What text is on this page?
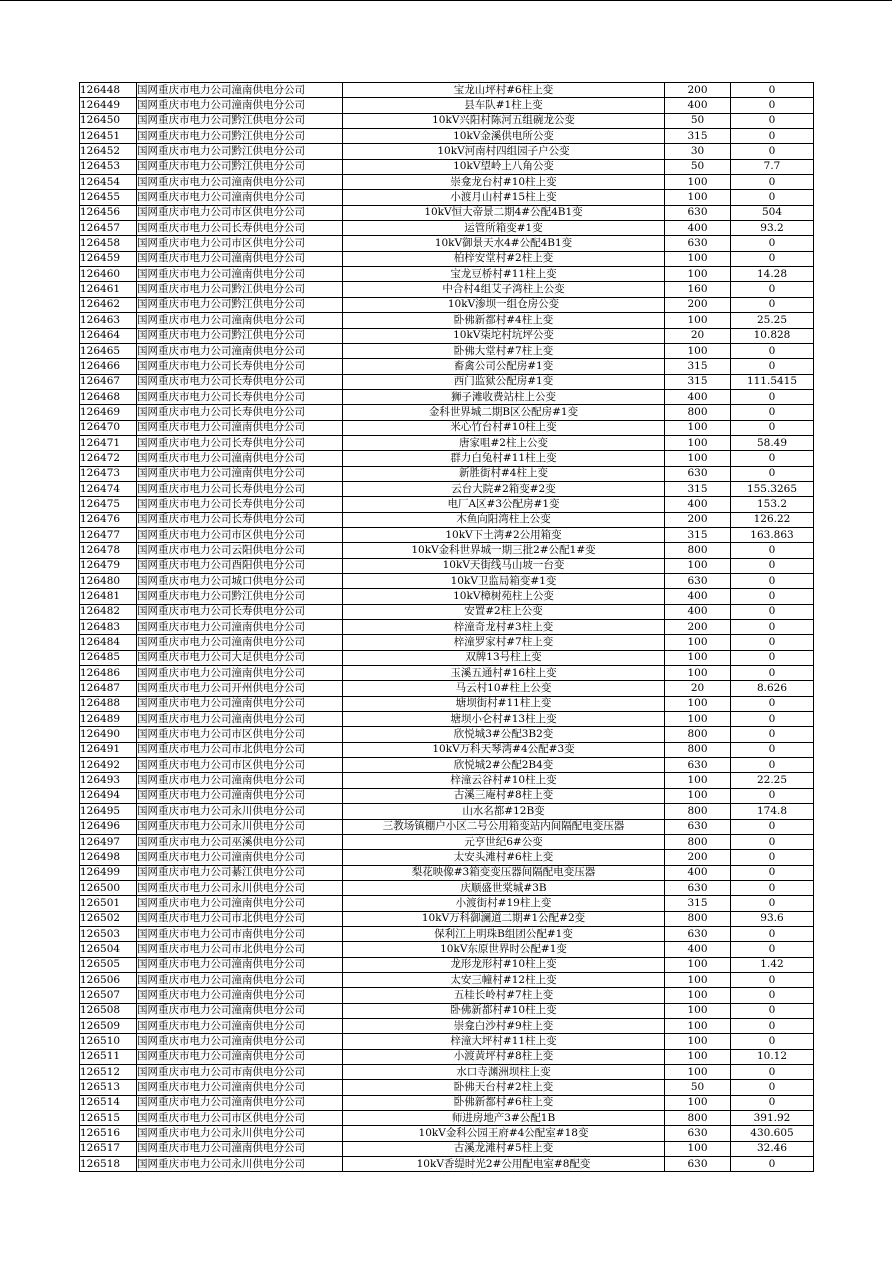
126448	国网重庆市电力公司潼南供电分公司	宝龙山坪村#6柱上变	200	0
126449	国网重庆市电力公司潼南供电分公司	县车队#1柱上变	400	0
126450	国网重庆市电力公司黔江供电分公司	10kV兴阳村陈河五组碗龙公变	50	0
126451	国网重庆市电力公司黔江供电分公司	10kV金溪供电所公变	315	0
126452	国网重庆市电力公司黔江供电分公司	10kV河南村四组园子户公变	30	0
126453	国网重庆市电力公司黔江供电分公司	10kV望岭上八角公变	50	7.7
126454	国网重庆市电力公司潼南供电分公司	崇龛龙台村#10柱上变	100	0
126455	国网重庆市电力公司潼南供电分公司	小渡月山村#15柱上变	100	0
126456	国网重庆市电力公司市区供电分公司	10kV恒大帝景二期4#公配4B1变	630	504
126457	国网重庆市电力公司长寿供电分公司	运管所箱变#1变	400	93.2
126458	国网重庆市电力公司市区供电分公司	10kV御景天水4#公配4B1变	630	0
126459	国网重庆市电力公司潼南供电分公司	柏梓安堂村#2柱上变	100	0
126460	国网重庆市电力公司潼南供电分公司	宝龙豆桥村#11柱上变	100	14.28
126461	国网重庆市电力公司黔江供电分公司	中合村4组艾子湾柱上公变	160	0
126462	国网重庆市电力公司黔江供电分公司	10kV渗坝一组仓房公变	200	0
126463	国网重庆市电力公司潼南供电分公司	卧佛新都村#4柱上变	100	25.25
126464	国网重庆市电力公司黔江供电分公司	10kV柒坨村坑坪公变	20	10.828
126465	国网重庆市电力公司潼南供电分公司	卧佛大堂村#7柱上变	100	0
126466	国网重庆市电力公司长寿供电分公司	畜禽公司公配房#1变	315	0
126467	国网重庆市电力公司长寿供电分公司	西门监狱公配房#1变	315	111.5415
126468	国网重庆市电力公司长寿供电分公司	狮子滩收费站柱上公变	400	0
126469	国网重庆市电力公司长寿供电分公司	金科世界城二期B区公配房#1变	800	0
126470	国网重庆市电力公司潼南供电分公司	米心竹台村#10柱上变	100	0
126471	国网重庆市电力公司长寿供电分公司	唐家咀#2柱上公变	100	58.49
126472	国网重庆市电力公司潼南供电分公司	群力白兔村#11柱上变	100	0
126473	国网重庆市电力公司潼南供电分公司	新胜街村#4柱上变	630	0
126474	国网重庆市电力公司长寿供电分公司	云台大院#2箱变#2变	315	155.3265
126475	国网重庆市电力公司长寿供电分公司	电厂A区#3公配房#1变	400	153.2
126476	国网重庆市电力公司长寿供电分公司	木鱼向阳湾柱上公变	200	126.22
126477	国网重庆市电力公司市区供电分公司	10kV下土湾#2公用箱变	315	163.863
126478	国网重庆市电力公司云阳供电分公司	10kV金科世界城一期三批2#公配1#变	800	0
126479	国网重庆市电力公司酉阳供电分公司	10kV天街线马山坡一台变	100	0
126480	国网重庆市电力公司城口供电分公司	10kV卫监局箱变#1变	630	0
126481	国网重庆市电力公司黔江供电分公司	10kV樟树苑柱上公变	400	0
126482	国网重庆市电力公司长寿供电分公司	安置#2柱上公变	400	0
126483	国网重庆市电力公司潼南供电分公司	梓潼奇龙村#3柱上变	200	0
126484	国网重庆市电力公司潼南供电分公司	梓潼罗家村#7柱上变	100	0
126485	国网重庆市电力公司大足供电分公司	双牌13号柱上变	100	0
126486	国网重庆市电力公司潼南供电分公司	玉溪五通村#16柱上变	100	0
126487	国网重庆市电力公司开州供电分公司	马云村10#柱上公变	20	8.626
126488	国网重庆市电力公司潼南供电分公司	塘坝街村#11柱上变	100	0
126489	国网重庆市电力公司潼南供电分公司	塘坝小仑村#13柱上变	100	0
126490	国网重庆市电力公司市区供电分公司	欣悦城3#公配3B2变	800	0
126491	国网重庆市电力公司市北供电分公司	10kV万科天琴湾#4公配#3变	800	0
126492	国网重庆市电力公司市区供电分公司	欣悦城2#公配2B4变	630	0
126493	国网重庆市电力公司潼南供电分公司	梓潼云谷村#10柱上变	100	22.25
126494	国网重庆市电力公司潼南供电分公司	古溪三庵村#8柱上变	100	0
126495	国网重庆市电力公司永川供电分公司	山水名都#12B变	800	174.8
126496	国网重庆市电力公司永川供电分公司	三教场镇棚户小区二号公用箱变站内间隔配电变压器	630	0
126497	国网重庆市电力公司巫溪供电分公司	元亨世纪6#公变	800	0
126498	国网重庆市电力公司潼南供电分公司	太安头滩村#6柱上变	200	0
126499	国网重庆市电力公司綦江供电分公司	梨花映像#3箱变变压器间隔配电变压器	400	0
126500	国网重庆市电力公司永川供电分公司	庆顺盛世棠城#3B	630	0
126501	国网重庆市电力公司潼南供电分公司	小渡街村#19柱上变	315	0
126502	国网重庆市电力公司市北供电分公司	10kV万科御澜道二期#1公配#2变	800	93.6
126503	国网重庆市电力公司市南供电分公司	保利江上明珠B组团公配#1变	630	0
126504	国网重庆市电力公司市北供电分公司	10kV东原世界时公配#1变	400	0
126505	国网重庆市电力公司潼南供电分公司	龙形龙形村#10柱上变	100	1.42
126506	国网重庆市电力公司潼南供电分公司	太安三幢村#12柱上变	100	0
126507	国网重庆市电力公司潼南供电分公司	五桂长岭村#7柱上变	100	0
126508	国网重庆市电力公司潼南供电分公司	卧佛新都村#10柱上变	100	0
126509	国网重庆市电力公司潼南供电分公司	崇龛白沙村#9柱上变	100	0
126510	国网重庆市电力公司潼南供电分公司	梓潼大坪村#11柱上变	100	0
126511	国网重庆市电力公司潼南供电分公司	小渡黄坪村#8柱上变	100	10.12
126512	国网重庆市电力公司市南供电分公司	水口寺渊洲坝柱上变	100	0
126513	国网重庆市电力公司潼南供电分公司	卧佛天台村#2柱上变	50	0
126514	国网重庆市电力公司潼南供电分公司	卧佛新都村#6柱上变	100	0
126515	国网重庆市电力公司市区供电分公司	师进房地产3#公配1B	800	391.92
126516	国网重庆市电力公司永川供电分公司	10kV金科公园王府#4公配室#18变	630	430.605
126517	国网重庆市电力公司潼南供电分公司	古溪龙滩村#5柱上变	100	32.46
126518	国网重庆市电力公司永川供电分公司	10kV香缇时光2#公用配电室#8配变	630	0
